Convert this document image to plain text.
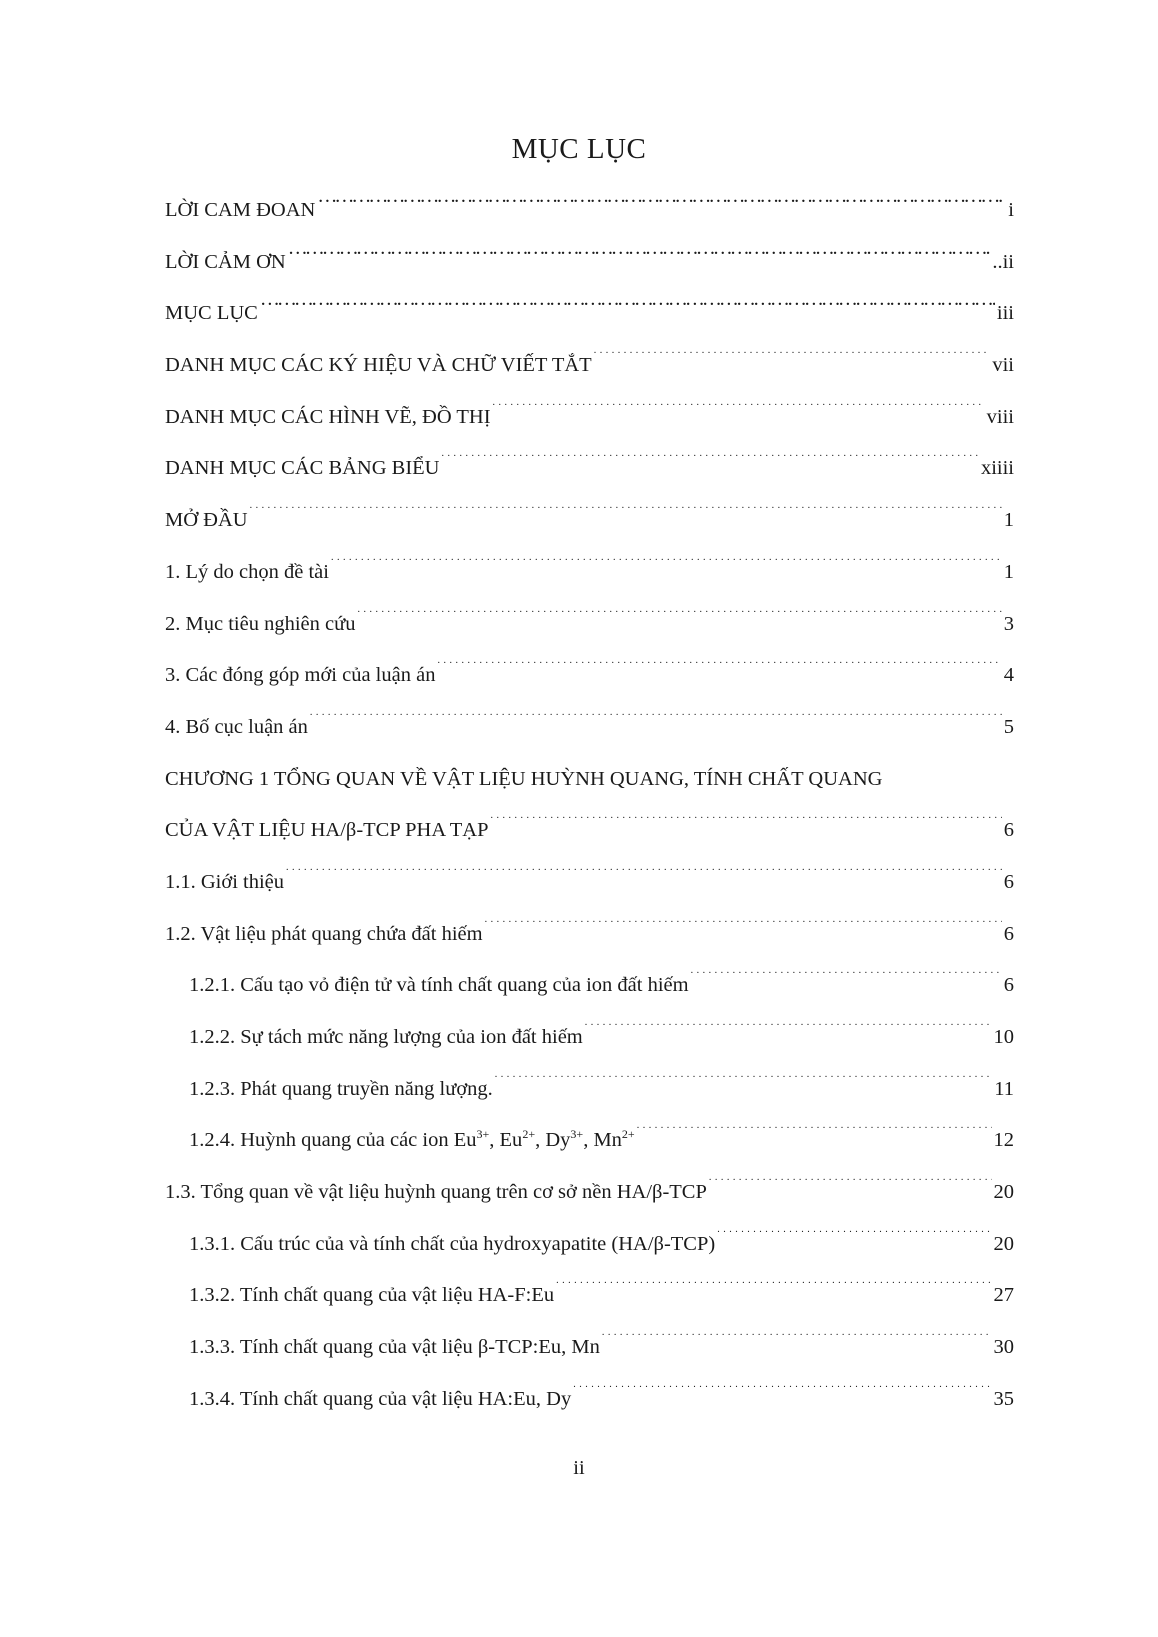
MỤC LỤC
LỜI CAM ĐOAN … … … … … … … … … … … … … … … … … … … … … … … … … … … … … … … … … … … … … … … … … … … … … … … … … … … … … … … … … … … … … … … … … … … … …	i
LỜI CẢM ƠN … … … … … … … … … … … … … … … … … … … … … … … … … … … … … … … … … … … … … … … … … … … … … … … … … … … … … … … … … … … … … … … … … … … … …	..ii
MỤC LỤC … … … … … … … … … … … … … … … … … … … … … … … … … … … … … … … … … … … … … … … … … … … … … … … … … … … … … … … … … … … … … … … … … … … … …	iii
DANH MỤC CÁC KÝ HIỆU VÀ CHỮ VIẾT TẮT . . .	vii
DANH MỤC CÁC HÌNH VẼ, ĐỒ THỊ . . .	viii
DANH MỤC CÁC BẢNG BIỂU . . .	xiiii
MỞ ĐẦU . . .	1
1. Lý do chọn đề tài . . .	1
2. Mục tiêu nghiên cứu . . .	3
3. Các đóng góp mới của luận án . . .	4
4. Bố cục luận án . . .	5
CHƯƠNG 1 TỔNG QUAN VỀ VẬT LIỆU HUỲNH QUANG, TÍNH CHẤT QUANG
CỦA VẬT LIỆU HA/β-TCP PHA TẠP . . .	6
1.1. Giới thiệu . . .	6
1.2. Vật liệu phát quang chứa đất hiếm . . .	6
1.2.1. Cấu tạo vỏ điện tử và tính chất quang của ion đất hiếm . . .	6
1.2.2. Sự tách mức năng lượng của ion đất hiếm . . .	10
1.2.3. Phát quang truyền năng lượng. . . .	11
1.2.4. Huỳnh quang của các ion $Eu^{3+}$, $Eu^{2+}$, $Dy^{3+}$, $Mn^{2+}$ . . .	12
1.3. Tổng quan về vật liệu huỳnh quang trên cơ sở nền HA/β-TCP . . .	20
1.3.1. Cấu trúc của và tính chất của hydroxyapatite (HA/β-TCP) . . .	20
1.3.2. Tính chất quang của vật liệu HA-F:Eu . . .	27
1.3.3. Tính chất quang của vật liệu β-TCP:Eu, Mn . . .	30
1.3.4. Tính chất quang của vật liệu HA:Eu, Dy . . .	35
ii
